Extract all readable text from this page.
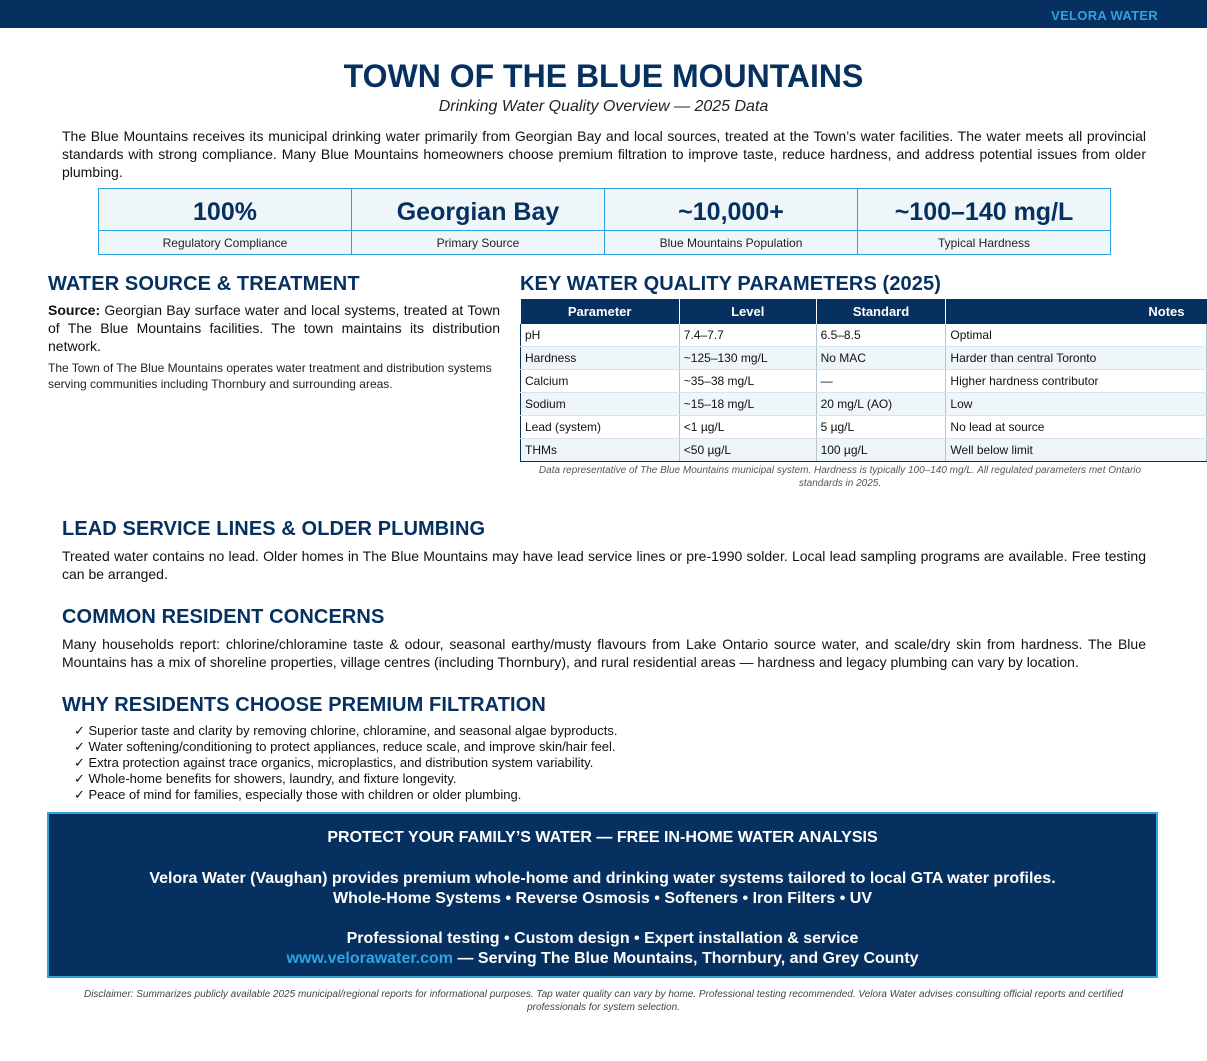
VELORA WATER
TOWN OF THE BLUE MOUNTAINS
Drinking Water Quality Overview — 2025 Data
The Blue Mountains receives its municipal drinking water primarily from Georgian Bay and local sources, treated at the Town’s water facilities. The water meets all provincial standards with strong compliance. Many Blue Mountains homeowners choose premium filtration to improve taste, reduce hardness, and address potential issues from older plumbing.
100%
Regulatory Compliance
Georgian Bay
Primary Source
~10,000+
Blue Mountains Population
~100–140 mg/L
Typical Hardness
WATER SOURCE & TREATMENT
Source: Georgian Bay surface water and local systems, treated at Town of The Blue Mountains facilities. The town maintains its distribution network.
The Town of The Blue Mountains operates water treatment and distribution systems serving communities including Thornbury and surrounding areas.
KEY WATER QUALITY PARAMETERS (2025)
Parameter	Level	Standard	Notes
pH	7.4–7.7	6.5–8.5	Optimal
Hardness	~125–130 mg/L	No MAC	Harder than central Toronto
Calcium	~35–38 mg/L	—	Higher hardness contributor
Sodium	~15–18 mg/L	20 mg/L (AO)	Low
Lead (system)	<1 µg/L	5 µg/L	No lead at source
THMs	<50 µg/L	100 µg/L	Well below limit
Data representative of The Blue Mountains municipal system. Hardness is typically 100–140 mg/L. All regulated parameters met Ontario standards in 2025.
LEAD SERVICE LINES & OLDER PLUMBING
Treated water contains no lead. Older homes in The Blue Mountains may have lead service lines or pre-1990 solder. Local lead sampling programs are available. Free testing can be arranged.
COMMON RESIDENT CONCERNS
Many households report: chlorine/chloramine taste & odour, seasonal earthy/musty flavours from Lake Ontario source water, and scale/dry skin from hardness. The Blue Mountains has a mix of shoreline properties, village centres (including Thornbury), and rural residential areas — hardness and legacy plumbing can vary by location.
WHY RESIDENTS CHOOSE PREMIUM FILTRATION
✓ Superior taste and clarity by removing chlorine, chloramine, and seasonal algae byproducts.
✓ Water softening/conditioning to protect appliances, reduce scale, and improve skin/hair feel.
✓ Extra protection against trace organics, microplastics, and distribution system variability.
✓ Whole-home benefits for showers, laundry, and fixture longevity.
✓ Peace of mind for families, especially those with children or older plumbing.
PROTECT YOUR FAMILY’S WATER — FREE IN-HOME WATER ANALYSIS
Velora Water (Vaughan) provides premium whole-home and drinking water systems tailored to local GTA water profiles.
Whole-Home Systems • Reverse Osmosis • Softeners • Iron Filters • UV
Professional testing • Custom design • Expert installation & service
www.velorawater.com — Serving The Blue Mountains, Thornbury, and Grey County
Disclaimer: Summarizes publicly available 2025 municipal/regional reports for informational purposes. Tap water quality can vary by home. Professional testing recommended. Velora Water advises consulting official reports and certified professionals for system selection.
